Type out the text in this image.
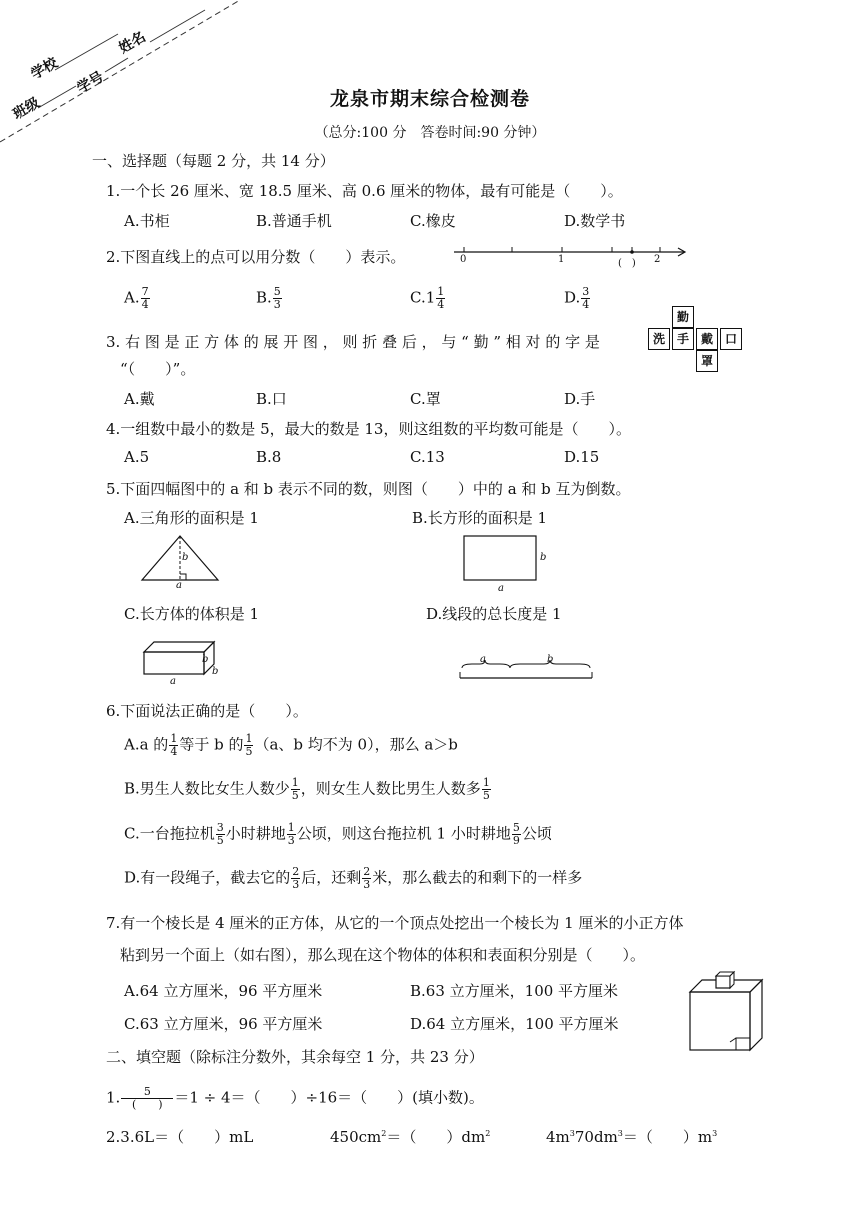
学校
姓名
班级
学号
龙泉市期末综合检测卷
（总分:100 分　答卷时间:90 分钟）
一、选择题（每题 2 分，共 14 分）
1.一个长 26 厘米、宽 18.5 厘米、高 0.6 厘米的物体，最有可能是（　　）。
A.书柜	B.普通手机	C.橡皮	D.数学书
2.下图直线上的点可以用分数（　　）表示。	0	1	(　) 2
A. $\frac{7}{4}$	B. $\frac{5}{3}$	$C.1 \frac{1}{4}$	D. $\frac{3}{4}$
3. 右 图 是 正 方 体 的 展 开 图 ， 则 折 叠 后 ， 与 “ 勤 ” 相 对 的 字 是
“（　　）”。
勤
洗 手 戴 口
罩
A.戴	B.口	C.罩	D.手
4.一组数中最小的数是 5，最大的数是 13，则这组数的平均数可能是（　　）。
A.5	B.8	C.13	D.15
5.下面四幅图中的 a 和 b 表示不同的数，则图（　　）中的 a 和 b 互为倒数。
A.三角形的面积是 1	B.长方形的面积是 1
b
a
b
a
C.长方体的体积是 1	D.线段的总长度是 1
b
b
a
a	b
6.下面说法正确的是（　　）。
A.a 的 $\frac{1}{4}$ 等于 b 的 $\frac{1}{5} (a$、b 均不为 0），那么 a＞b
B.男生人数比女生人数少 $\frac{1}{5}$ ，则女生人数比男生人数多 $\frac{1}{5}$
C.一台拖拉机 $\frac{3}{5}$ 小时耕地 $\frac{1}{3}$ 公顷，则这台拖拉机 1 小时耕地 $\frac{5}{9}$ 公顷
D.有一段绳子，截去它的 $\frac{2}{3}$ 后，还剩 $\frac{2}{3}$ 米，那么截去的和剩下的一样多
7.有一个棱长是 4 厘米的正方体，从它的一个顶点处挖出一个棱长为 1 厘米的小正方体
粘到另一个面上（如右图），那么现在这个物体的体积和表面积分别是（　　）。
A.64 立方厘米，96 平方厘米	B.63 立方厘米，100 平方厘米
C.63 立方厘米，96 平方厘米	D.64 立方厘米，100 平方厘米
二、填空题（除标注分数外，其余每空 1 分，共 23 分）
1. $\frac{5}{( )} =1 \div 4=$（　　）÷16＝（　　）(填小数)。
2.3.6L＝（　　）mL	$450cm^2=$（　　）$dm^2$	$4m^370dm^3=$（　　）$m^3$
